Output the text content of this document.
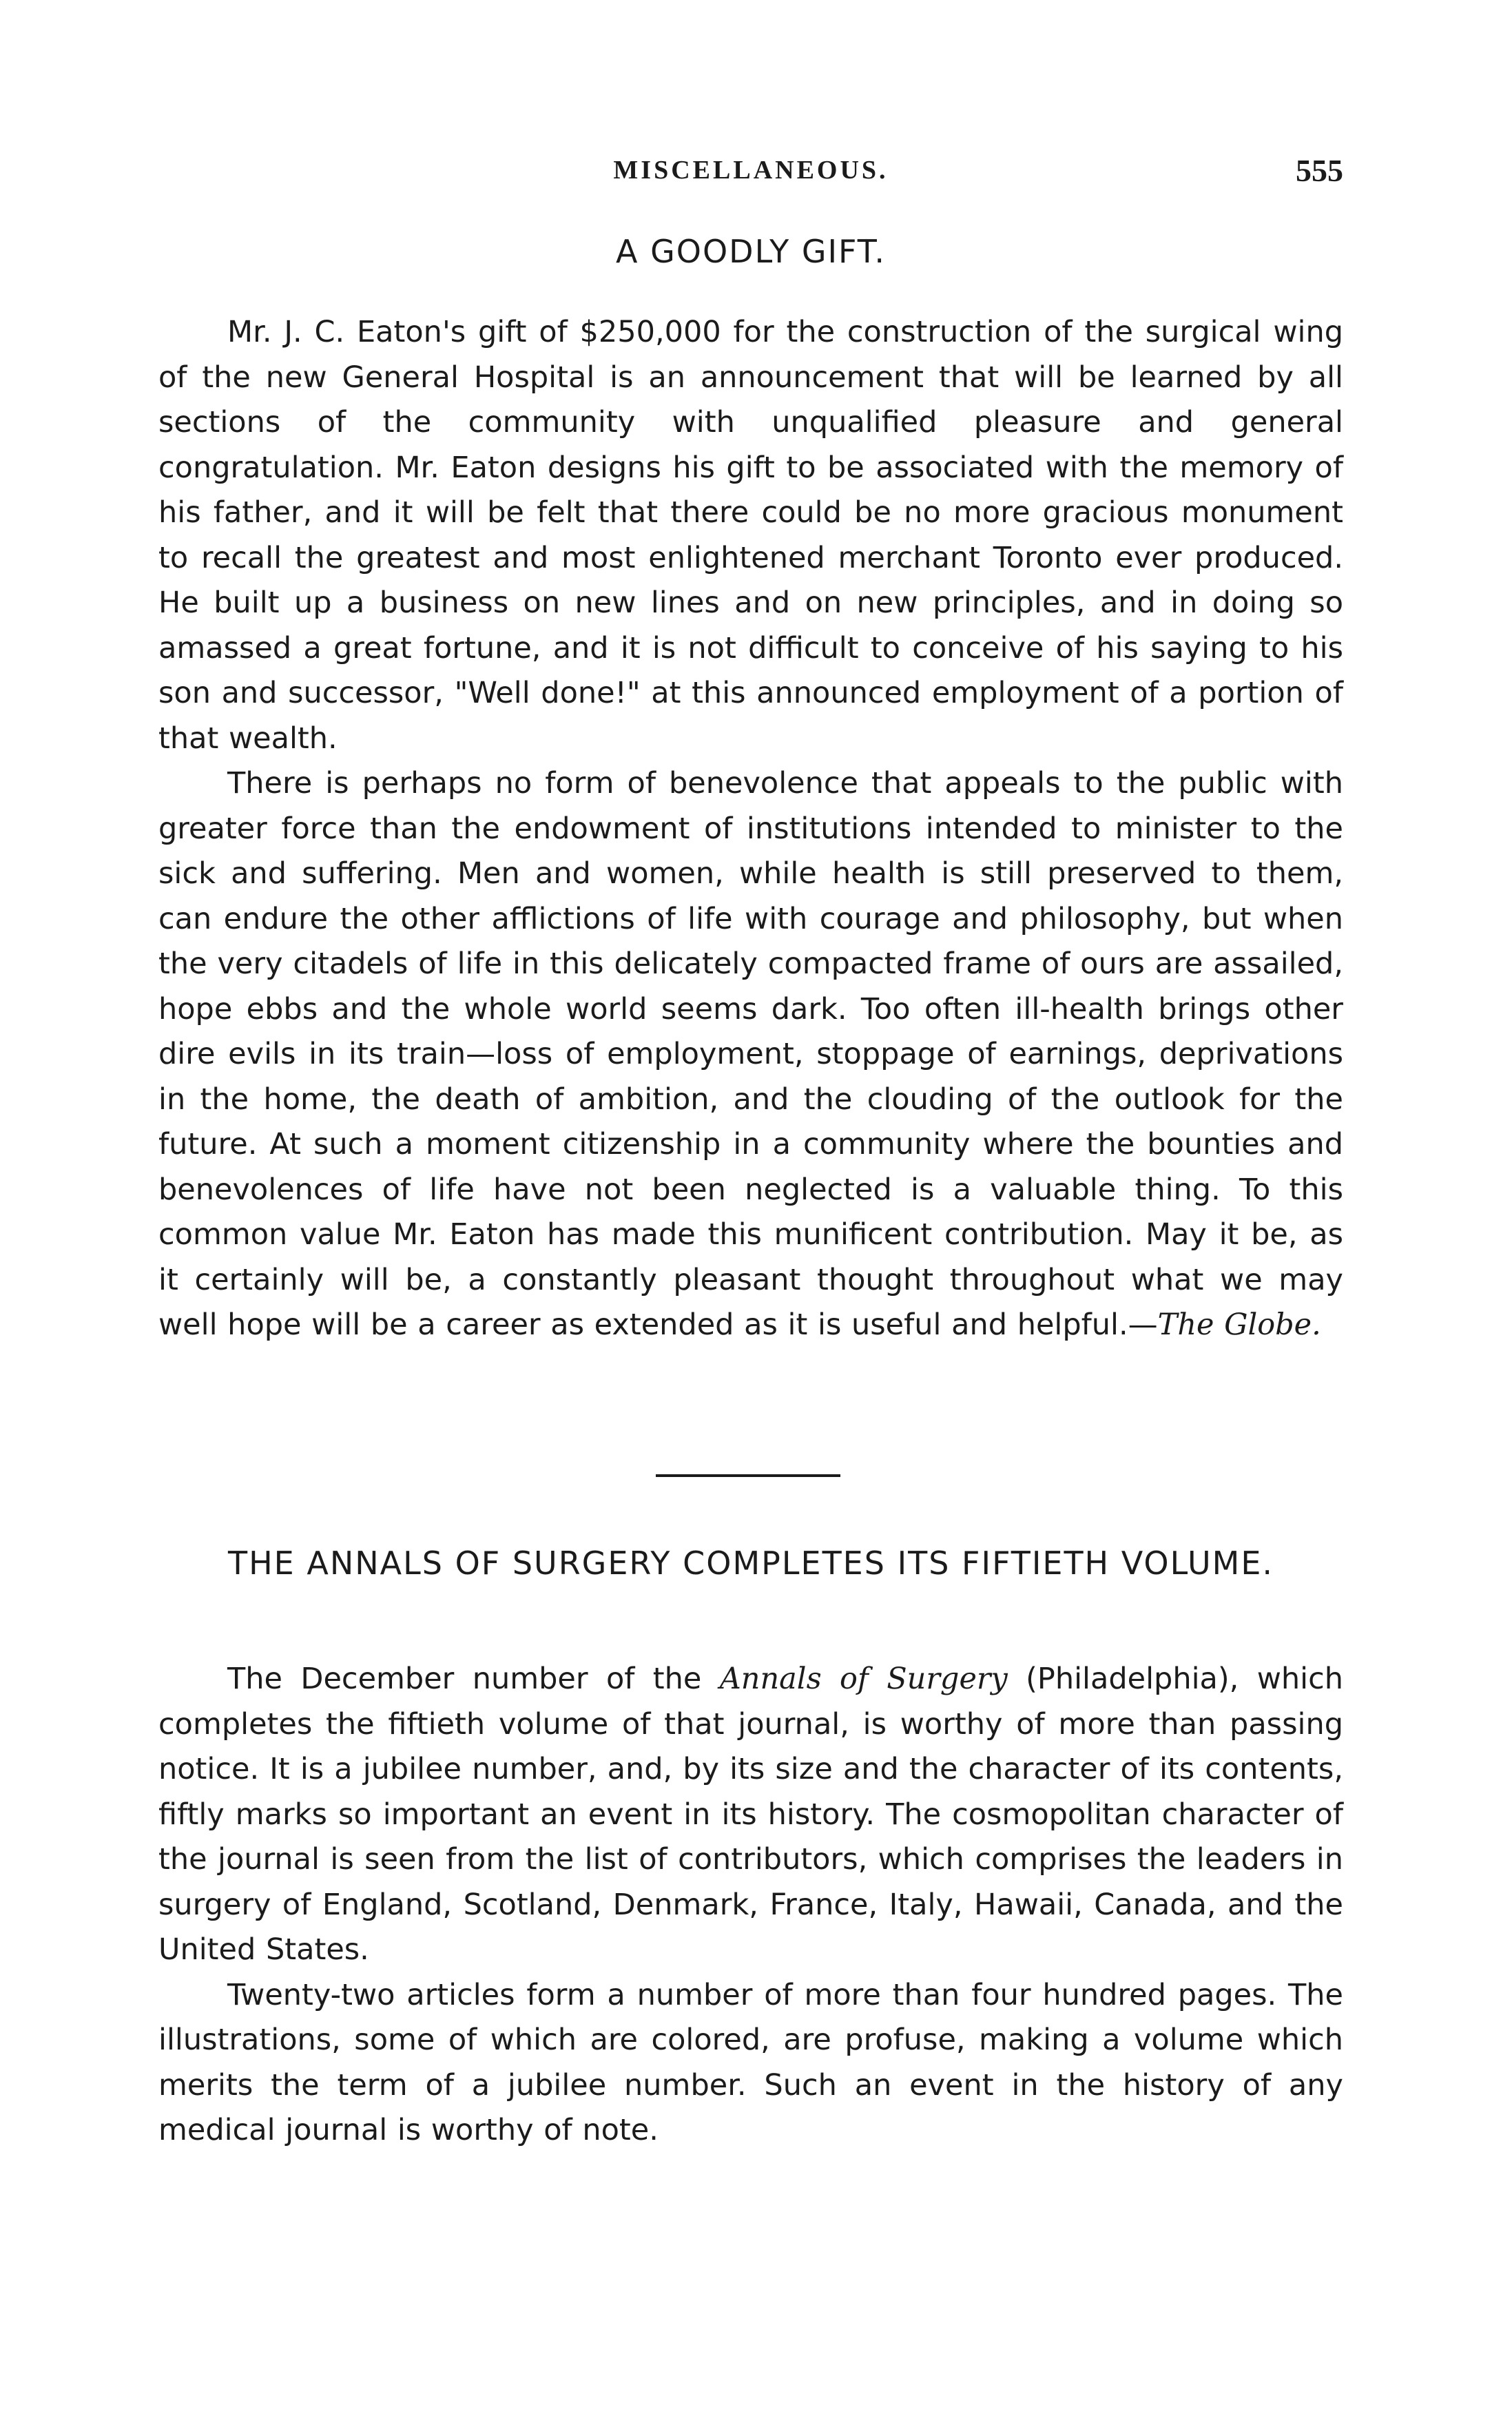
MISCELLANEOUS.	555
A GOODLY GIFT.

Mr. J. C. Eaton's gift of $250,000 for the construction of the surgical wing of the new General Hospital is an announcement that will be learned by all sections of the community with unqualified pleasure and general congratulation. Mr. Eaton designs his gift to be associated with the memory of his father, and it will be felt that there could be no more gracious monument to recall the greatest and most enlightened merchant Toronto ever produced. He built up a business on new lines and on new principles, and in doing so amassed a great fortune, and it is not difficult to conceive of his saying to his son and successor, "Well done!" at this announced employment of a portion of that wealth.

There is perhaps no form of benevolence that appeals to the public with greater force than the endowment of institutions intended to minister to the sick and suffering. Men and women, while health is still preserved to them, can endure the other afflictions of life with courage and philosophy, but when the very citadels of life in this delicately compacted frame of ours are assailed, hope ebbs and the whole world seems dark. Too often ill-health brings other dire evils in its train—loss of employment, stoppage of earnings, deprivations in the home, the death of ambition, and the clouding of the outlook for the future. At such a moment citizenship in a community where the bounties and benevolences of life have not been neglected is a valuable thing. To this common value Mr. Eaton has made this munificent contribution. May it be, as it certainly will be, a constantly pleasant thought throughout what we may well hope will be a career as extended as it is useful and helpful.—The Globe.

THE ANNALS OF SURGERY COMPLETES ITS FIFTIETH VOLUME.

The December number of the Annals of Surgery (Philadelphia), which completes the fiftieth volume of that journal, is worthy of more than passing notice. It is a jubilee number, and, by its size and the character of its contents, fiftly marks so important an event in its history. The cosmopolitan character of the journal is seen from the list of contributors, which comprises the leaders in surgery of England, Scotland, Denmark, France, Italy, Hawaii, Canada, and the United States.

Twenty-two articles form a number of more than four hundred pages. The illustrations, some of which are colored, are profuse, making a volume which merits the term of a jubilee number. Such an event in the history of any medical journal is worthy of note.
